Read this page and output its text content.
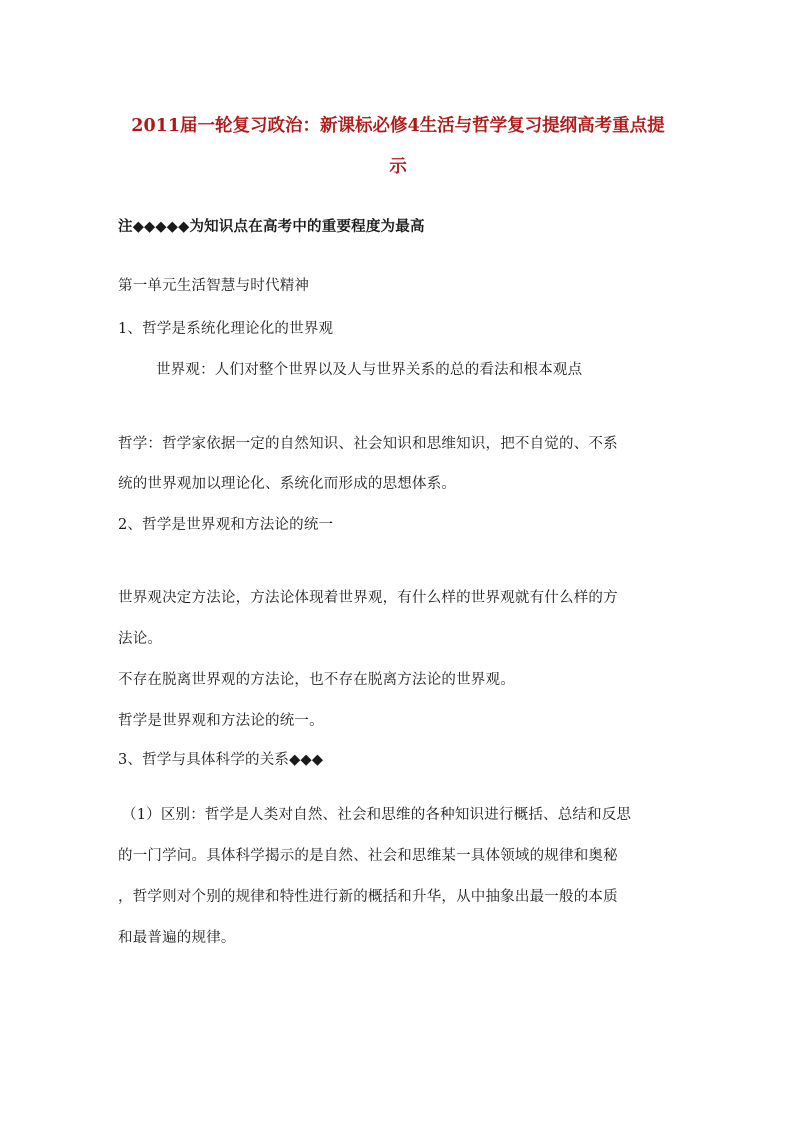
2011届一轮复习政治：新课标必修4生活与哲学复习提纲高考重点提
示
注◆◆◆◆◆为知识点在高考中的重要程度为最高
第一单元生活智慧与时代精神
1、哲学是系统化理论化的世界观
世界观：人们对整个世界以及人与世界关系的总的看法和根本观点
哲学：哲学家依据一定的自然知识、社会知识和思维知识，把不自觉的、不系
统的世界观加以理论化、系统化而形成的思想体系。
2、哲学是世界观和方法论的统一
世界观决定方法论，方法论体现着世界观，有什么样的世界观就有什么样的方
法论。
不存在脱离世界观的方法论，也不存在脱离方法论的世界观。
哲学是世界观和方法论的统一。
3、哲学与具体科学的关系◆◆◆
（1）区别：哲学是人类对自然、社会和思维的各种知识进行概括、总结和反思
的一门学问。具体科学揭示的是自然、社会和思维某一具体领域的规律和奥秘
，哲学则对个别的规律和特性进行新的概括和升华，从中抽象出最一般的本质
和最普遍的规律。
